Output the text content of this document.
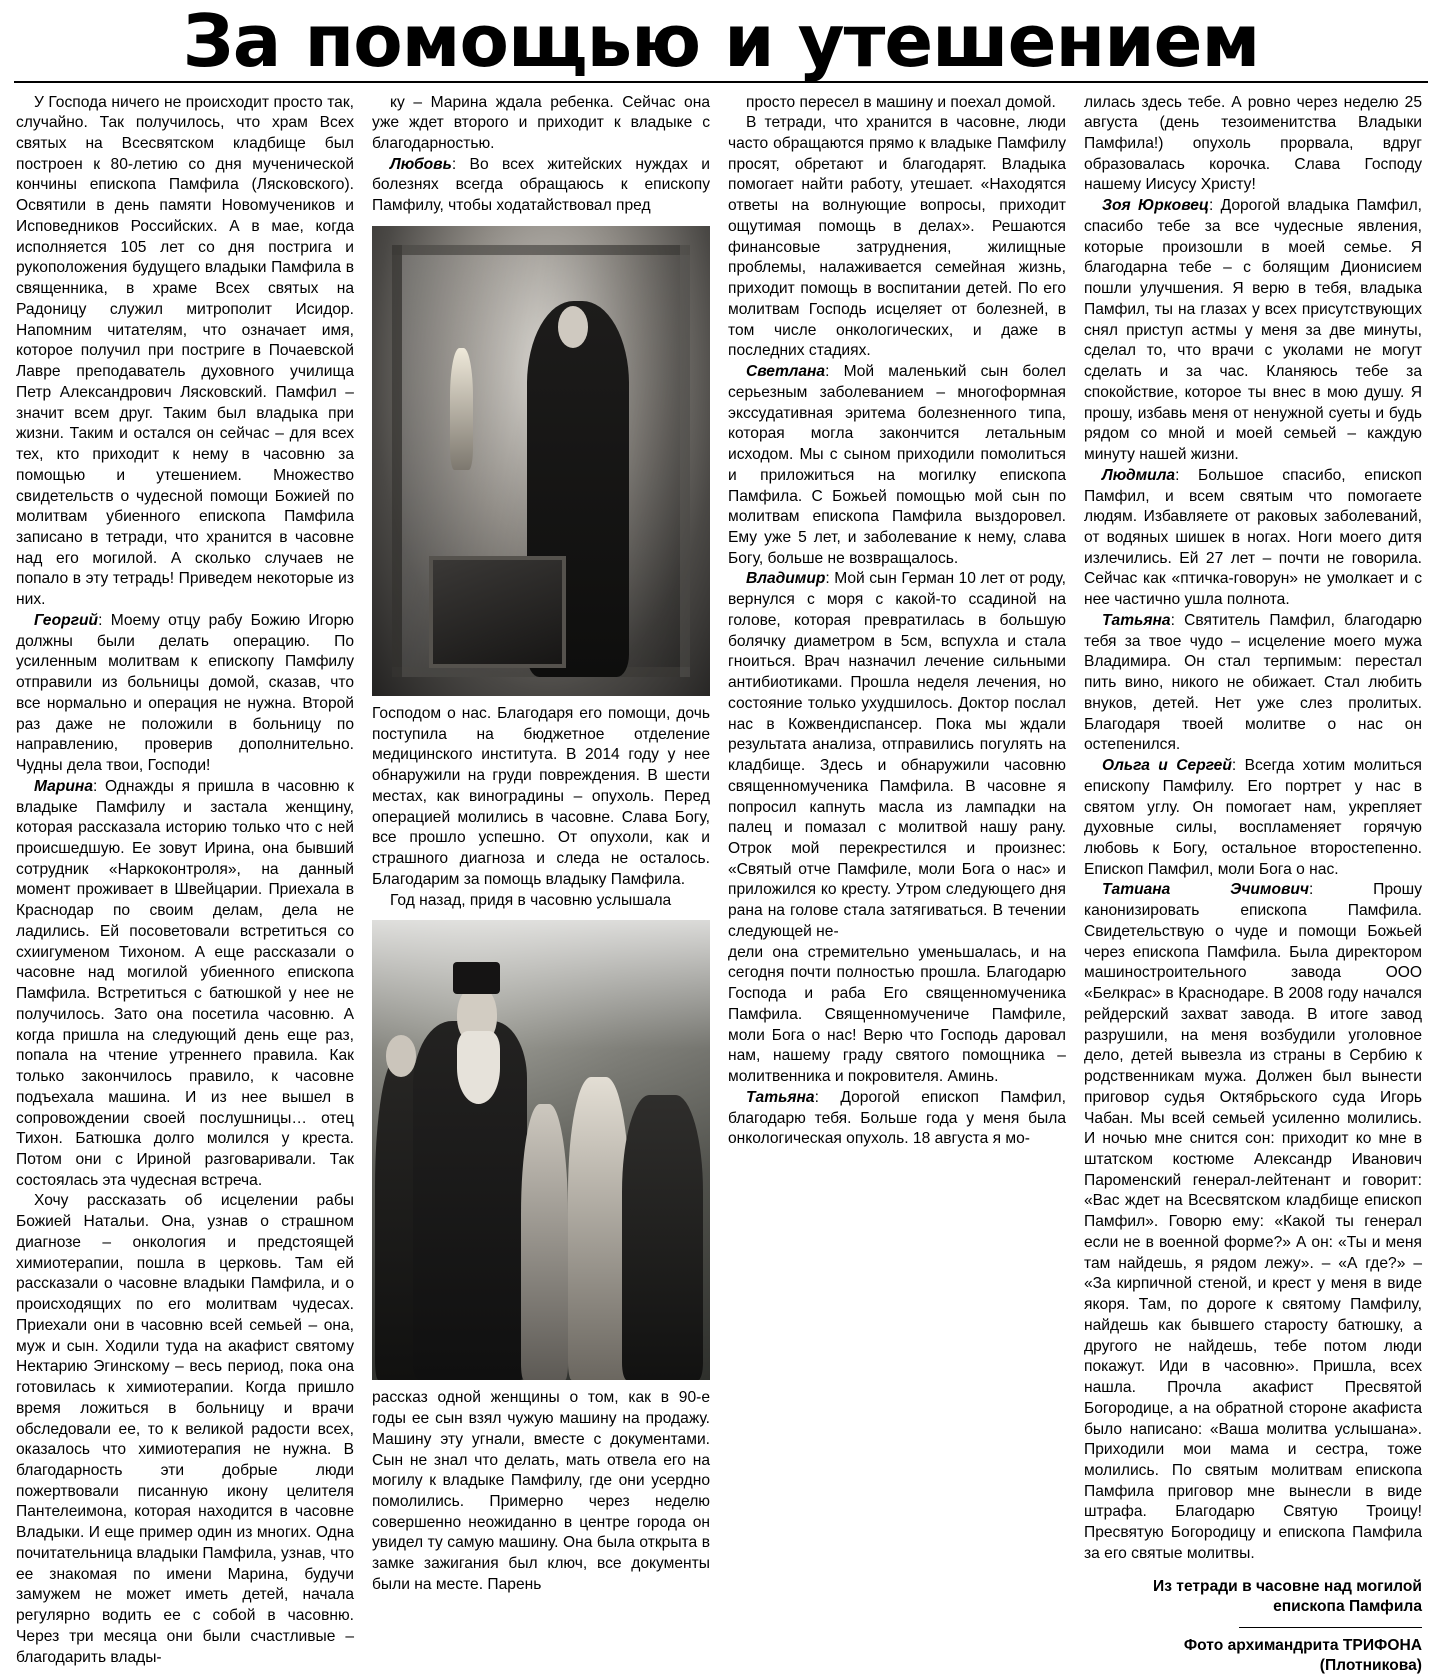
За помощью и утешением

У Господа ничего не происходит просто так, случайно. Так получилось, что храм Всех святых на Всесвятском кладбище был построен к 80-летию со дня мученической кончины епископа Памфила (Лясковского). Освятили в день памяти Новомучеников и Исповедников Российских. А в мае, когда исполняется 105 лет со дня пострига и рукоположения будущего владыки Памфила в священника, в храме Всех святых на Радоницу служил митрополит Исидор. Напомним читателям, что означает имя, которое получил при постриге в Почаевской Лавре преподаватель духовного училища Петр Александрович Лясковский. Памфил – значит всем друг. Таким был владыка при жизни. Таким и остался он сейчас – для всех тех, кто приходит к нему в часовню за помощью и утешением. Множество свидетельств о чудесной помощи Божией по молитвам убиенного епископа Памфила записано в тетради, что хранится в часовне над его могилой. А сколько случаев не попало в эту тетрадь! Приведем некоторые из них.

Георгий: Моему отцу рабу Божию Игорю должны были делать операцию. По усиленным молитвам к епископу Памфилу отправили из больницы домой, сказав, что все нормально и операция не нужна. Второй раз даже не положили в больницу по направлению, проверив дополнительно. Чудны дела твои, Господи!

Марина: Однажды я пришла в часовню к владыке Памфилу и застала женщину, которая рассказала историю только что с ней происшедшую. Ее зовут Ирина, она бывший сотрудник «Наркоконтроля», на данный момент проживает в Швейцарии. Приехала в Краснодар по своим делам, дела не ладились. Ей посоветовали встретиться со схиигуменом Тихоном. А еще рассказали о часовне над могилой убиенного епископа Памфила. Встретиться с батюшкой у нее не получилось. Зато она посетила часовню. А когда пришла на следующий день еще раз, попала на чтение утреннего правила. Как только закончилось правило, к часовне подъехала машина. И из нее вышел в сопровождении своей послушницы… отец Тихон. Батюшка долго молился у креста. Потом они с Ириной разговаривали. Так состоялась эта чудесная встреча.

Хочу рассказать об исцелении рабы Божией Натальи. Она, узнав о страшном диагнозе – онкология и предстоящей химиотерапии, пошла в церковь. Там ей рассказали о часовне владыки Памфила, и о происходящих по его молитвам чудесах. Приехали они в часовню всей семьей – она, муж и сын. Ходили туда на акафист святому Нектарию Эгинскому – весь период, пока она готовилась к химиотерапии. Когда пришло время ложиться в больницу и врачи обследовали ее, то к великой радости всех, оказалось что химиотерапия не нужна. В благодарность эти добрые люди пожертвовали писанную икону целителя Пантелеимона, которая находится в часовне Владыки. И еще пример один из многих. Одна почитательница владыки Памфила, узнав, что ее знакомая по имени Марина, будучи замужем не может иметь детей, начала регулярно водить ее с собой в часовню. Через три месяца они были счастливые – благодарить влады-

ку – Марина ждала ребенка. Сейчас она уже ждет второго и приходит к владыке с благодарностью.

Любовь: Во всех житейских нуждах и болезнях всегда обращаюсь к епископу Памфилу, чтобы ходатайствовал пред

Господом о нас. Благодаря его помощи, дочь поступила на бюджетное отделение медицинского института. В 2014 году у нее обнаружили на груди повреждения. В шести местах, как виноградины – опухоль. Перед операцией молились в часовне. Слава Богу, все прошло успешно. От опухоли, как и страшного диагноза и следа не осталось. Благодарим за помощь владыку Памфила.

Год назад, придя в часовню услышала

рассказ одной женщины о том, как в 90-е годы ее сын взял чужую машину на продажу. Машину эту угнали, вместе с документами. Сын не знал что делать, мать отвела его на могилу к владыке Памфилу, где они усердно помолились. Примерно через неделю совершенно неожиданно в центре города он увидел ту самую машину. Она была открыта в замке зажигания был ключ, все документы были на месте. Парень

просто пересел в машину и поехал домой.

В тетради, что хранится в часовне, люди часто обращаются прямо к владыке Памфилу просят, обретают и благодарят. Владыка помогает найти работу, утешает. «Находятся ответы на волнующие вопросы, приходит ощутимая помощь в делах». Решаются финансовые затруднения, жилищные проблемы, налаживается семейная жизнь, приходит помощь в воспитании детей. По его молитвам Господь исцеляет от болезней, в том числе онкологических, и даже в последних стадиях.

Светлана: Мой маленький сын болел серьезным заболеванием – многоформная экссудативная эритема болезненного типа, которая могла закончится летальным исходом. Мы с сыном приходили помолиться и приложиться на могилку епископа Памфила. С Божьей помощью мой сын по молитвам епископа Памфила выздоровел. Ему уже 5 лет, и заболевание к нему, слава Богу, больше не возвращалось.

Владимир: Мой сын Герман 10 лет от роду, вернулся с моря с какой-то ссадиной на голове, которая превратилась в большую болячку диаметром в 5см, вспухла и стала гноиться. Врач назначил лечение сильными антибиотиками. Прошла неделя лечения, но состояние только ухудшилось. Доктор послал нас в Кожвендиспансер. Пока мы ждали результата анализа, отправились погулять на кладбище. Здесь и обнаружили часовню священномученика Памфила. В часовне я попросил капнуть масла из лампадки на палец и помазал с молитвой нашу рану. Отрок мой перекрестился и произнес: «Святый отче Памфиле, моли Бога о нас» и приложился ко кресту. Утром следующего дня рана на голове стала затягиваться. В течении следующей не-

дели она стремительно уменьшалась, и на сегодня почти полностью прошла. Благодарю Господа и раба Его священномученика Памфила. Священномучениче Памфиле, моли Бога о нас! Верю что Господь даровал нам, нашему граду святого помощника – молитвенника и покровителя. Аминь.

Татьяна: Дорогой епископ Памфил, благодарю тебя. Больше года у меня была онкологическая опухоль. 18 августа я мо-

лилась здесь тебе. А ровно через неделю 25 августа (день тезоименитства Владыки Памфила!) опухоль прорвала, вдруг образовалась корочка. Слава Господу нашему Иисусу Христу!

Зоя Юрковец: Дорогой владыка Памфил, спасибо тебе за все чудесные явления, которые произошли в моей семье. Я благодарна тебе – с болящим Дионисием пошли улучшения. Я верю в тебя, владыка Памфил, ты на глазах у всех присутствующих снял приступ астмы у меня за две минуты, сделал то, что врачи с уколами не могут сделать и за час. Кланяюсь тебе за спокойствие, которое ты внес в мою душу. Я прошу, избавь меня от ненужной суеты и будь рядом со мной и моей семьей – каждую минуту нашей жизни.

Людмила: Большое спасибо, епископ Памфил, и всем святым что помогаете людям. Избавляете от раковых заболеваний, от водяных шишек в ногах. Ноги моего дитя излечились. Ей 27 лет – почти не говорила. Сейчас как «птичка-говорун» не умолкает и с нее частично ушла полнота.

Татьяна: Святитель Памфил, благодарю тебя за твое чудо – исцеление моего мужа Владимира. Он стал терпимым: перестал пить вино, никого не обижает. Стал любить внуков, детей. Нет уже слез пролитых. Благодаря твоей молитве о нас он остепенился.

Ольга и Сергей: Всегда хотим молиться епископу Памфилу. Его портрет у нас в святом углу. Он помогает нам, укрепляет духовные силы, воспламеняет горячую любовь к Богу, остальное второстепенно. Епископ Памфил, моли Бога о нас.

Татиана Эчимович: Прошу канонизировать епископа Памфила. Свидетельствую о чуде и помощи Божьей через епископа Памфила. Была директором машиностроительного завода ООО «Белкрас» в Краснодаре. В 2008 году начался рейдерский захват завода. В итоге завод разрушили, на меня возбудили уголовное дело, детей вывезла из страны в Сербию к родственникам мужа. Должен был вынести приговор судья Октябрьского суда Игорь Чабан. Мы всей семьей усиленно молились. И ночью мне снится сон: приходит ко мне в штатском костюме Александр Иванович Пароменский генерал-лейтенант и говорит: «Вас ждет на Всесвятском кладбище епископ Памфил». Говорю ему: «Какой ты генерал если не в военной форме?» А он: «Ты и меня там найдешь, я рядом лежу». – «А где?» – «За кирпичной стеной, и крест у меня в виде якоря. Там, по дороге к святому Памфилу, найдешь как бывшего старосту батюшку, а другого не найдешь, тебе потом люди покажут. Иди в часовню». Пришла, всех нашла. Прочла акафист Пресвятой Богородице, а на обратной стороне акафиста было написано: «Ваша молитва услышана». Приходили мои мама и сестра, тоже молились. По святым молитвам епископа Памфила приговор мне вынесли в виде штрафа. Благодарю Святую Троицу! Пресвятую Богородицу и епископа Памфила за его святые молитвы.

Из тетради в часовне над могилой
епископа Памфила
Фото архимандрита ТРИФОНА
(Плотникова)
